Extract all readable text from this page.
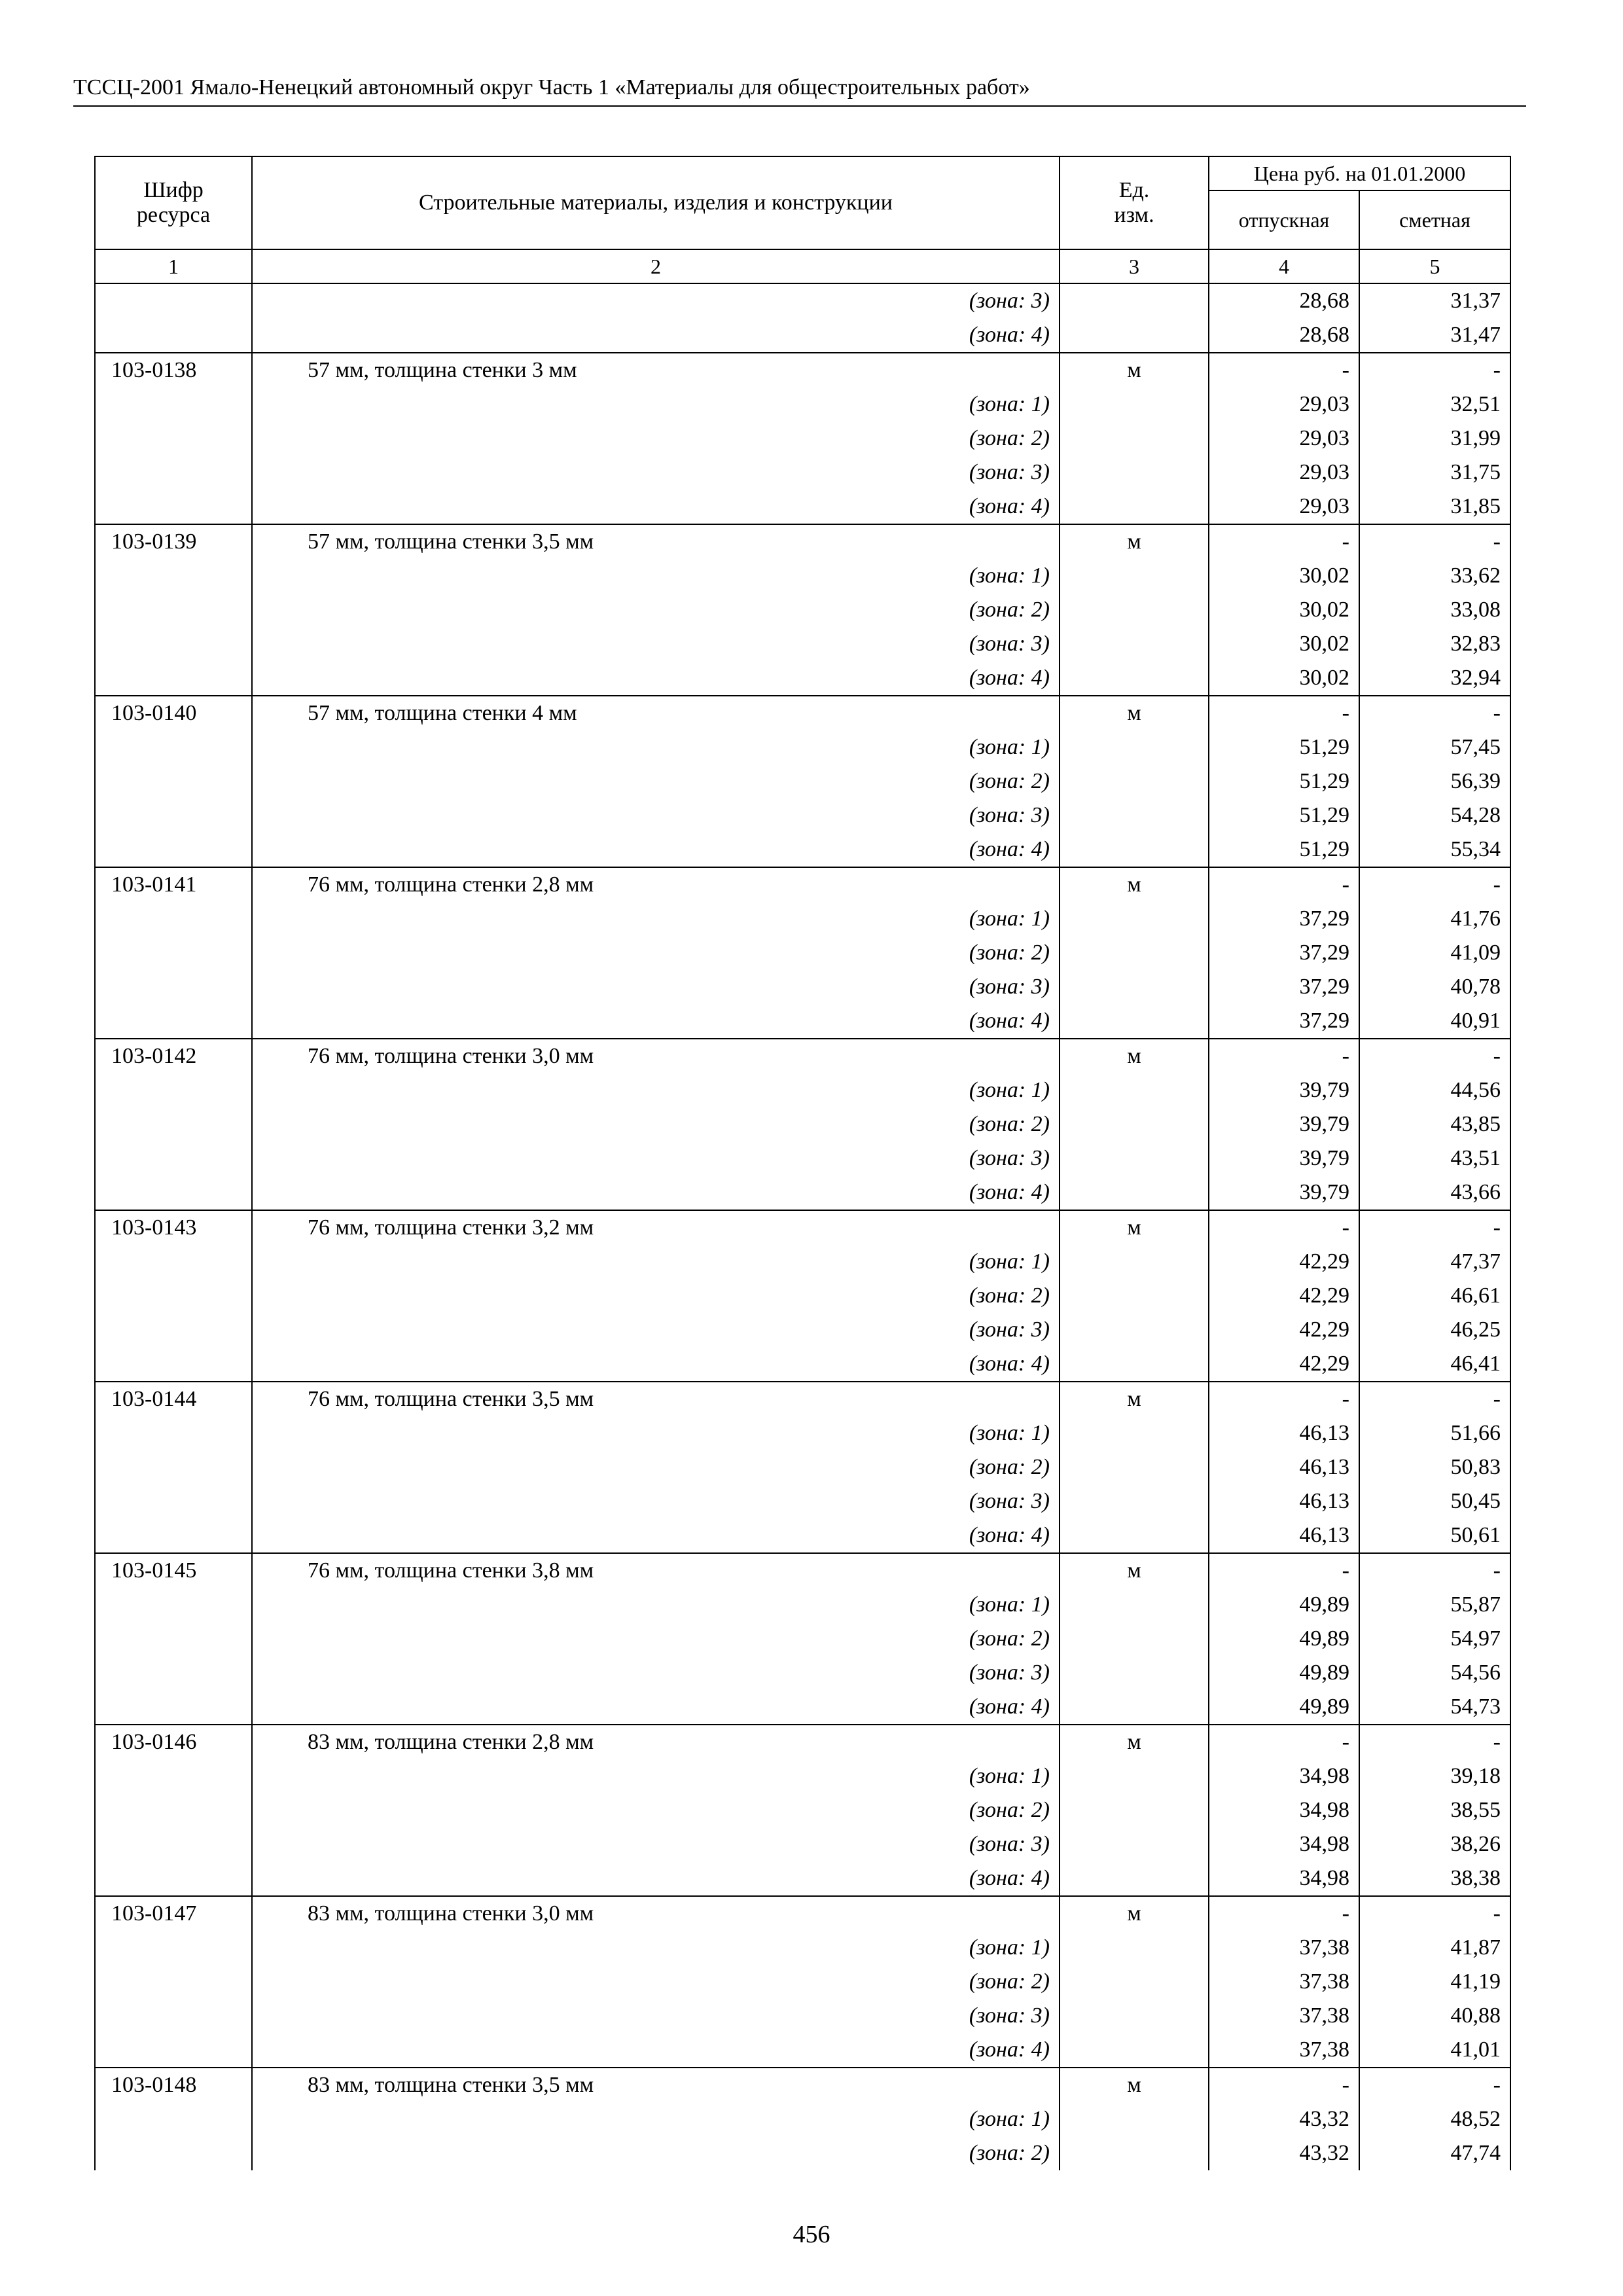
ТССЦ-2001 Ямало-Ненецкий автономный округ Часть 1 «Материалы для общестроительных работ»
Шифр ресурса	Строительные материалы, изделия и конструкции	Ед. изм.	Цена руб. на 01.01.2000	
			отпускная	сметная
1	2	3	4	5
	(зона: 3)		28,68	31,37
	(зона: 4)		28,68	31,47
103-0138	57 мм, толщина стенки 3 мм	м	-	-
	(зона: 1)		29,03	32,51
	(зона: 2)		29,03	31,99
	(зона: 3)		29,03	31,75
	(зона: 4)		29,03	31,85
103-0139	57 мм, толщина стенки 3,5 мм	м	-	-
	(зона: 1)		30,02	33,62
	(зона: 2)		30,02	33,08
	(зона: 3)		30,02	32,83
	(зона: 4)		30,02	32,94
103-0140	57 мм, толщина стенки 4 мм	м	-	-
	(зона: 1)		51,29	57,45
	(зона: 2)		51,29	56,39
	(зона: 3)		51,29	54,28
	(зона: 4)		51,29	55,34
103-0141	76 мм, толщина стенки 2,8 мм	м	-	-
	(зона: 1)		37,29	41,76
	(зона: 2)		37,29	41,09
	(зона: 3)		37,29	40,78
	(зона: 4)		37,29	40,91
103-0142	76 мм, толщина стенки 3,0 мм	м	-	-
	(зона: 1)		39,79	44,56
	(зона: 2)		39,79	43,85
	(зона: 3)		39,79	43,51
	(зона: 4)		39,79	43,66
103-0143	76 мм, толщина стенки 3,2 мм	м	-	-
	(зона: 1)		42,29	47,37
	(зона: 2)		42,29	46,61
	(зона: 3)		42,29	46,25
	(зона: 4)		42,29	46,41
103-0144	76 мм, толщина стенки 3,5 мм	м	-	-
	(зона: 1)		46,13	51,66
	(зона: 2)		46,13	50,83
	(зона: 3)		46,13	50,45
	(зона: 4)		46,13	50,61
103-0145	76 мм, толщина стенки 3,8 мм	м	-	-
	(зона: 1)		49,89	55,87
	(зона: 2)		49,89	54,97
	(зона: 3)		49,89	54,56
	(зона: 4)		49,89	54,73
103-0146	83 мм, толщина стенки 2,8 мм	м	-	-
	(зона: 1)		34,98	39,18
	(зона: 2)		34,98	38,55
	(зона: 3)		34,98	38,26
	(зона: 4)		34,98	38,38
103-0147	83 мм, толщина стенки 3,0 мм	м	-	-
	(зона: 1)		37,38	41,87
	(зона: 2)		37,38	41,19
	(зона: 3)		37,38	40,88
	(зона: 4)		37,38	41,01
103-0148	83 мм, толщина стенки 3,5 мм	м	-	-
	(зона: 1)		43,32	48,52
	(зона: 2)		43,32	47,74
456
